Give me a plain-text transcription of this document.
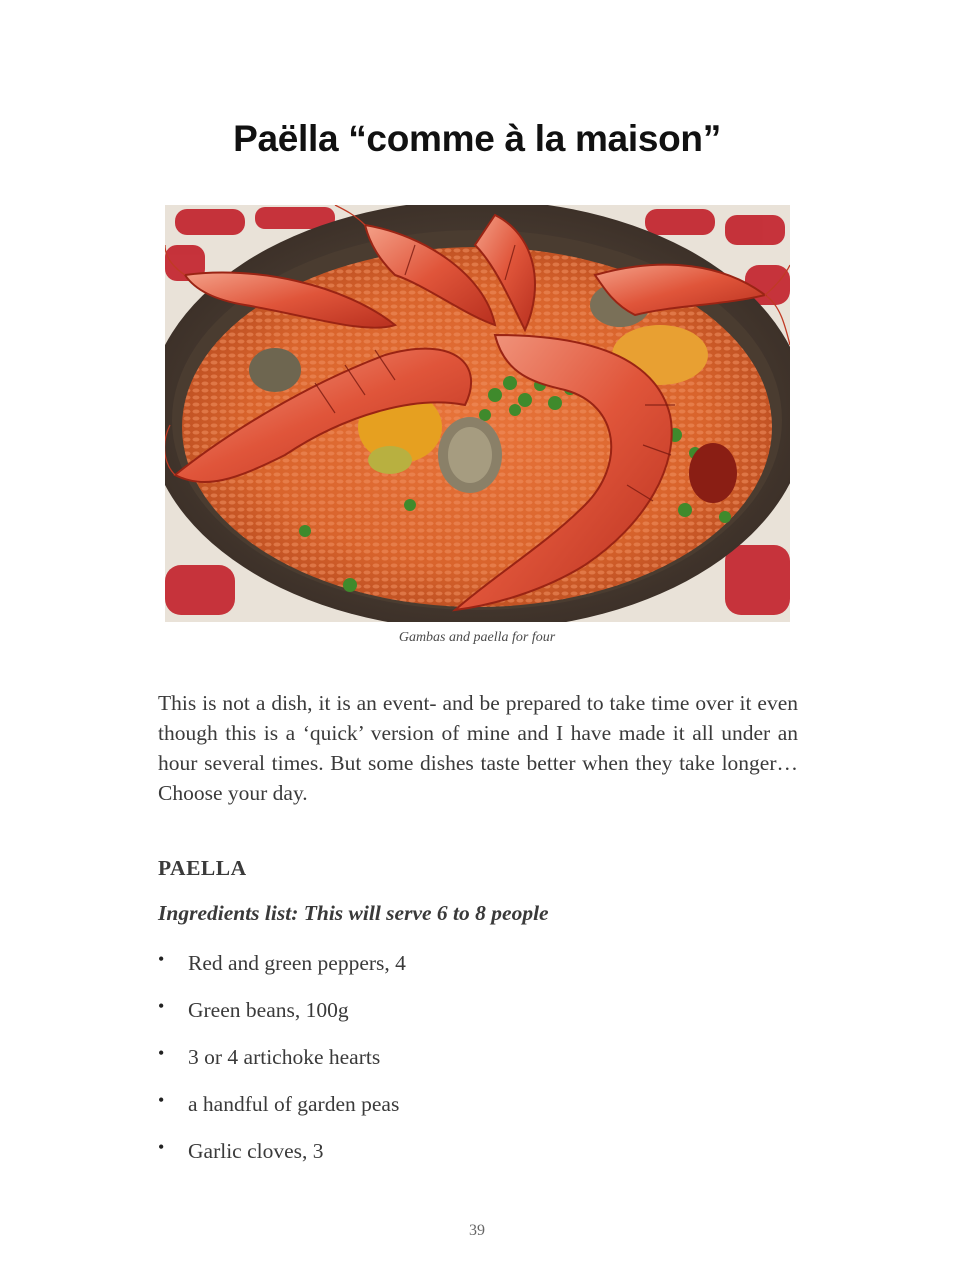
Paëlla “comme à la maison”
Gambas and paella for four

This is not a dish, it is an event- and be prepared to take time over it even though this is a ‘quick’ version of mine and I have made it all under an hour several times. But some dishes taste better when they take longer… Choose your day.

PAELLA
Ingredients list: This will serve 6 to 8 people
• Red and green peppers, 4
• Green beans, 100g
• 3 or 4 artichoke hearts
• a handful of garden peas
• Garlic cloves, 3
39
